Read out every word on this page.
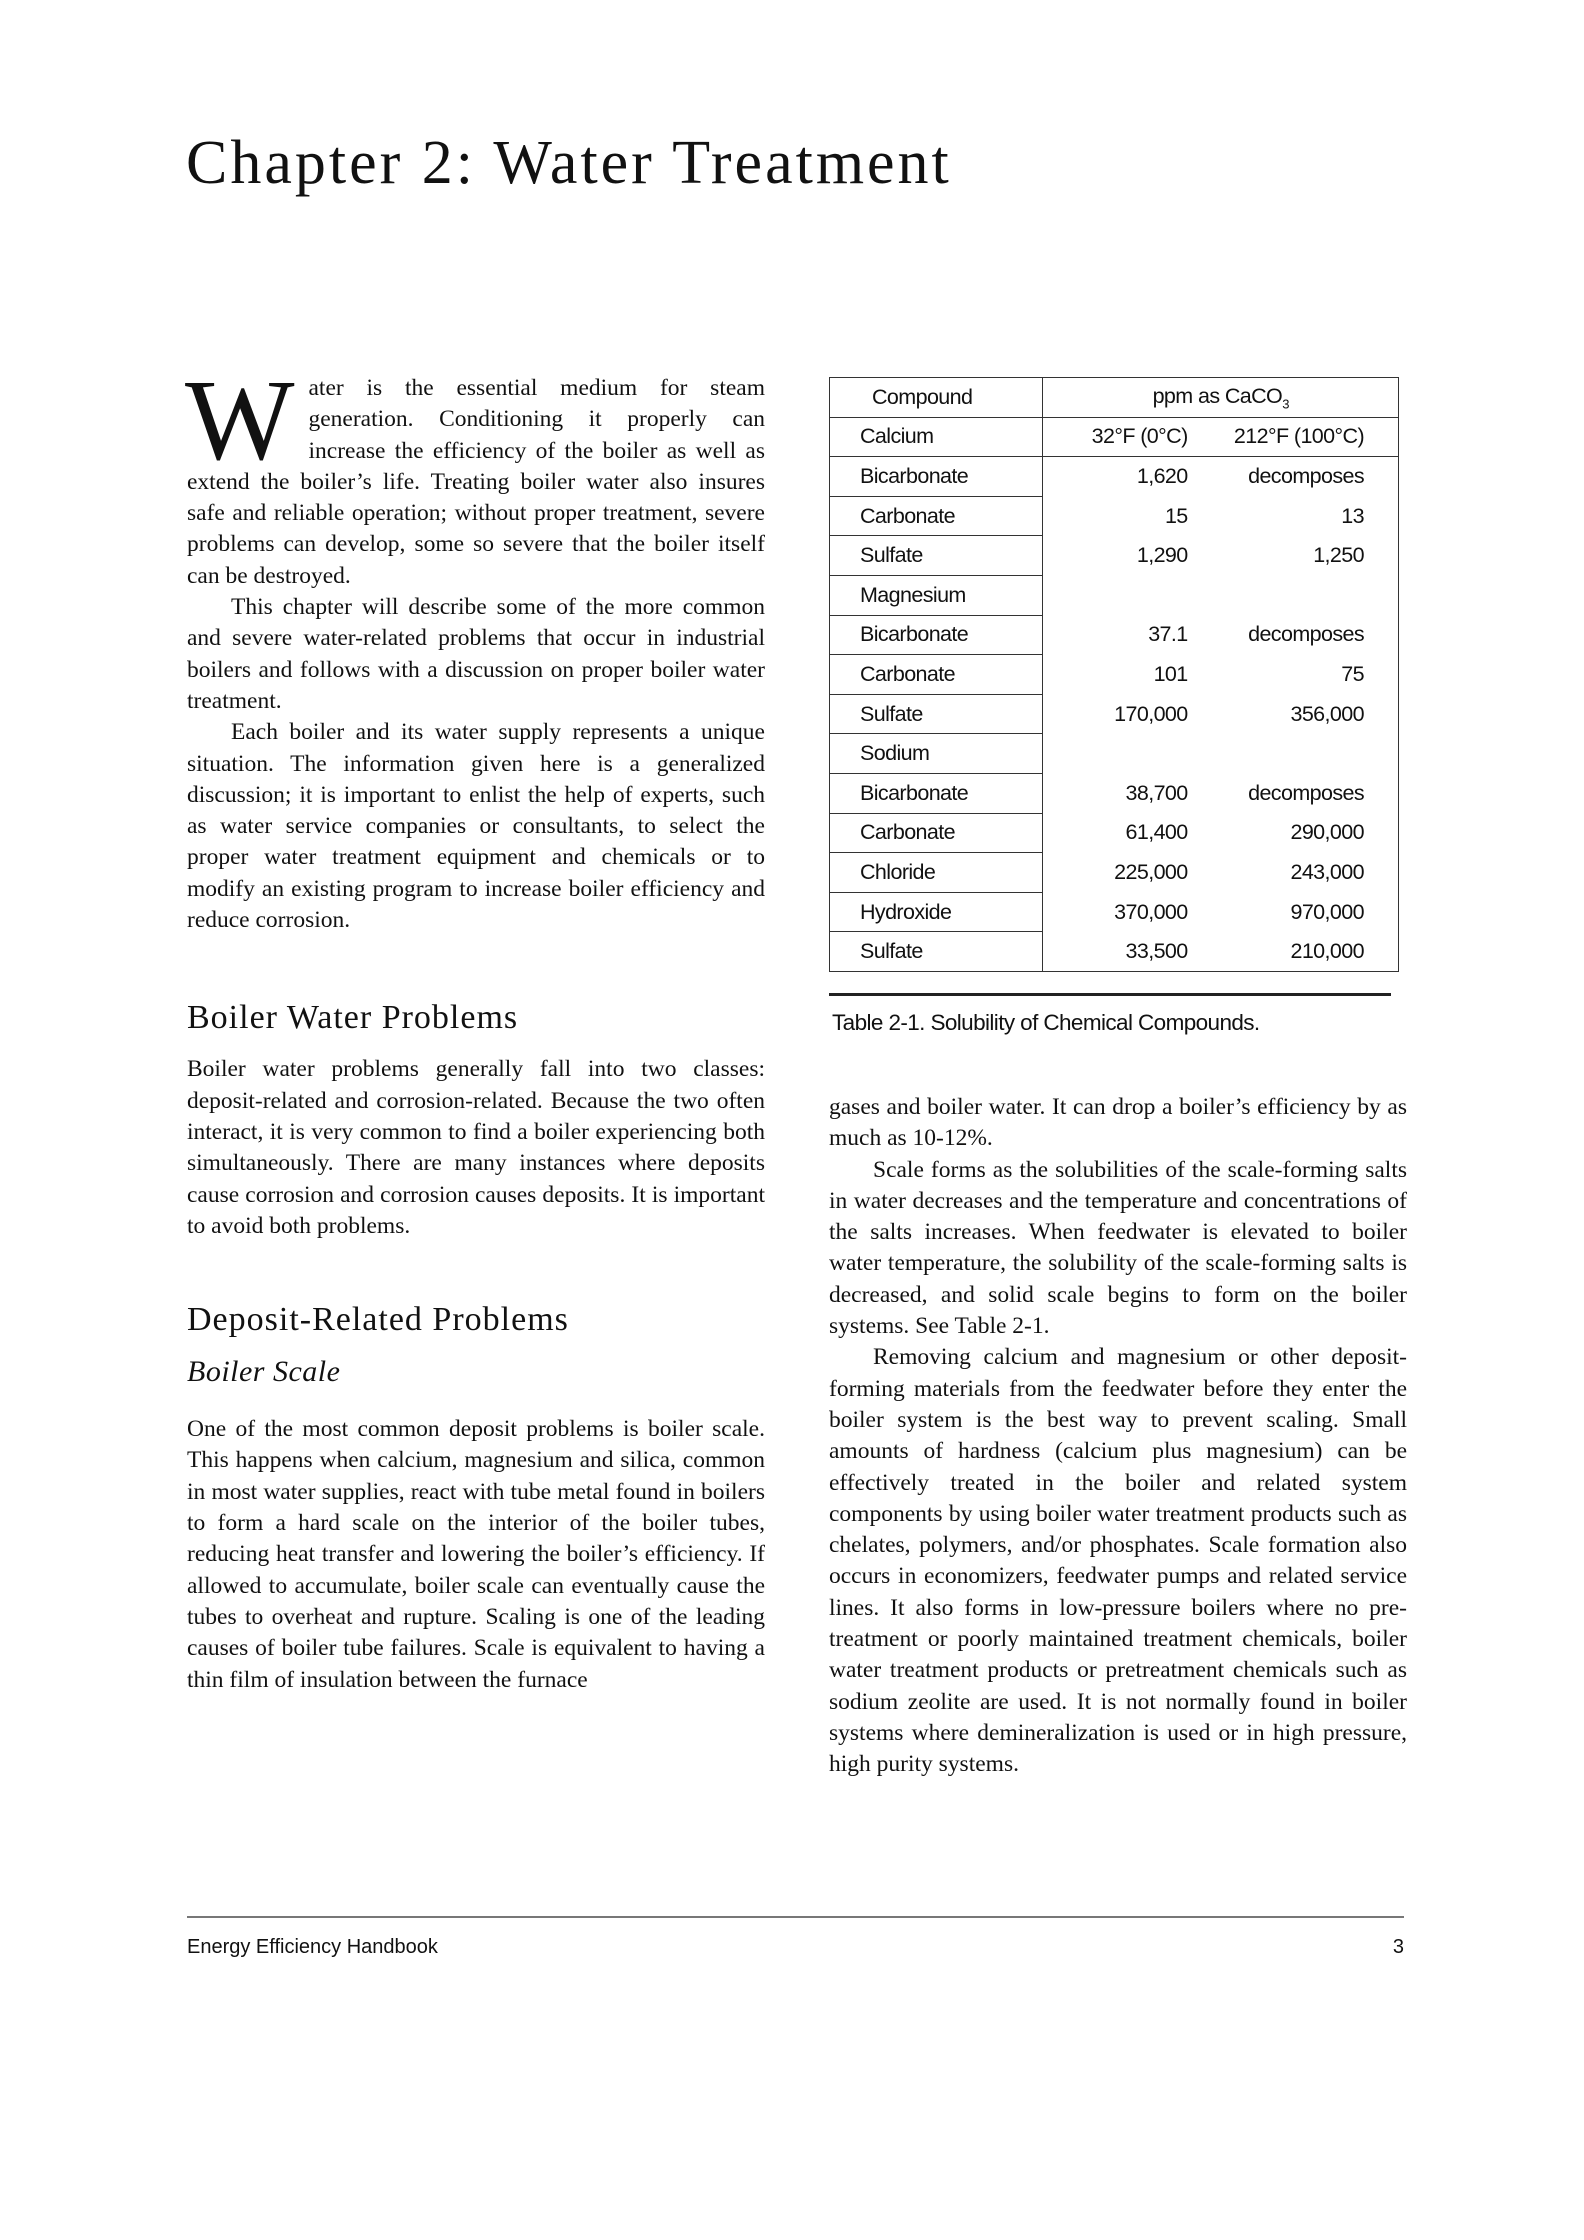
Chapter 2: Water Treatment

Water is the essential medium for steam generation. Conditioning it properly can increase the efficiency of the boiler as well as extend the boiler’s life. Treating boiler water also insures safe and reliable operation; without proper treatment, severe problems can develop, some so severe that the boiler itself can be destroyed.

This chapter will describe some of the more common and severe water-related problems that occur in industrial boilers and follows with a discussion on proper boiler water treatment.

Each boiler and its water supply represents a unique situation. The information given here is a generalized discussion; it is important to enlist the help of experts, such as water service companies or consultants, to select the proper water treatment equipment and chemicals or to modify an existing program to increase boiler efficiency and reduce corrosion.

Boiler Water Problems

Boiler water problems generally fall into two classes: deposit-related and corrosion-related. Because the two often interact, it is very common to find a boiler experiencing both simultaneously. There are many instances where deposits cause corrosion and corrosion causes deposits. It is important to avoid both problems.

Deposit-Related Problems
Boiler Scale

One of the most common deposit problems is boiler scale. This happens when calcium, magnesium and silica, common in most water supplies, react with tube metal found in boilers to form a hard scale on the interior of the boiler tubes, reducing heat transfer and lowering the boiler’s efficiency. If allowed to accumulate, boiler scale can eventually cause the tubes to overheat and rupture. Scaling is one of the leading causes of boiler tube failures. Scale is equivalent to having a thin film of insulation between the furnace

Compound	ppm as CaCO$_3$
Calcium	32°F (0°C)	212°F (100°C)
Bicarbonate	1,620	decomposes
Carbonate	15	13
Sulfate	1,290	1,250
Magnesium		
Bicarbonate	37.1	decomposes
Carbonate	101	75
Sulfate	170,000	356,000
Sodium		
Bicarbonate	38,700	decomposes
Carbonate	61,400	290,000
Chloride	225,000	243,000
Hydroxide	370,000	970,000
Sulfate	33,500	210,000

Table 2-1. Solubility of Chemical Compounds.

gases and boiler water. It can drop a boiler’s efficiency by as much as 10-12%.

Scale forms as the solubilities of the scale-forming salts in water decreases and the temperature and concentrations of the salts increases. When feedwater is elevated to boiler water temperature, the solubility of the scale-forming salts is decreased, and solid scale begins to form on the boiler systems. See Table 2-1.

Removing calcium and magnesium or other deposit-forming materials from the feedwater before they enter the boiler system is the best way to prevent scaling. Small amounts of hardness (calcium plus magnesium) can be effectively treated in the boiler and related system components by using boiler water treatment products such as chelates, polymers, and/or phosphates. Scale formation also occurs in economizers, feedwater pumps and related service lines. It also forms in low-pressure boilers where no pre-treatment or poorly maintained treatment chemicals, boiler water treatment products or pretreatment chemicals such as sodium zeolite are used. It is not normally found in boiler systems where demineralization is used or in high pressure, high purity systems.

Energy Efficiency Handbook	3
